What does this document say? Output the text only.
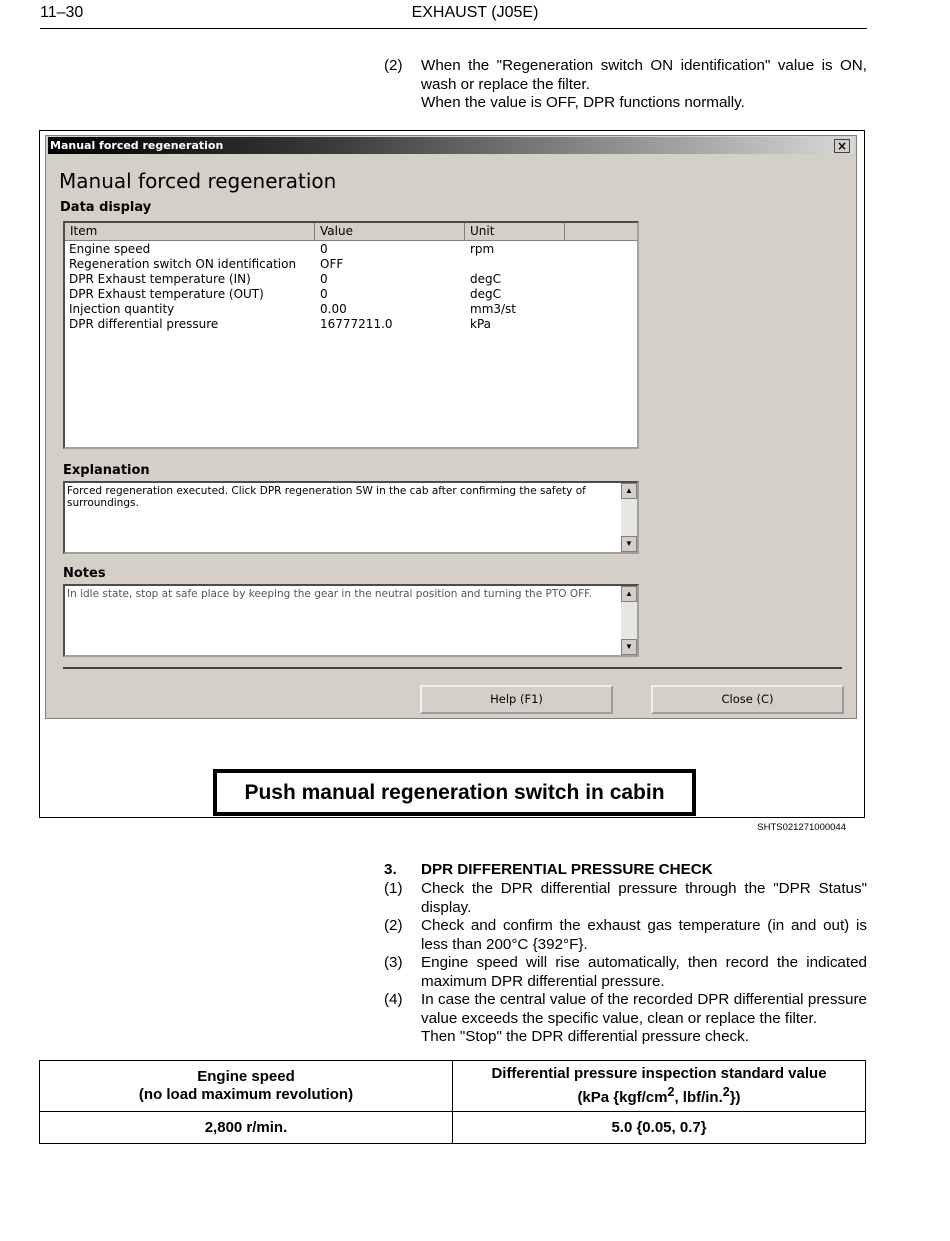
11–30	EXHAUST (J05E)
(2) When the "Regeneration switch ON identification" value is ON, wash or replace the filter.

When the value is OFF, DPR functions normally.

Manual forced regeneration	×
Manual forced regeneration
Data display
Item	Value	Unit
Engine speed	0	rpm
Regeneration switch ON identification OFF
DPR Exhaust temperature (IN)	0	degC
DPR Exhaust temperature (OUT)	0	degC
Injection quantity	0.00	mm3/st
DPR differential pressure	16777211.0	kPa
Explanation
Forced regeneration executed. Click DPR regeneration SW in the cab after confirming the safety of surroundings.
▲
▼
Notes
In idle state, stop at safe place by keeping the gear in the neutral position and turning the PTO OFF.	▲
▼
Help (F1)	Close (C)
Push manual regeneration switch in cabin
SHTS021271000044
3. DPR DIFFERENTIAL PRESSURE CHECK
(1) Check the DPR differential pressure through the "DPR Status" display.

(2) Check and confirm the exhaust gas temperature (in and out) is less than 200°C {392°F}.

(3) Engine speed will rise automatically, then record the indicated maximum DPR differential pressure.

(4) In case the central value of the recorded DPR differential pressure value exceeds the specific value, clean or replace the filter.

Then "Stop" the DPR differential pressure check.

Engine speed
(no load maximum revolution)	Differential pressure inspection standard value
(kPa {$kgf/cm^2$, lbf/in.$^2$})
2,800 r/min.	5.0 {0.05, 0.7}
